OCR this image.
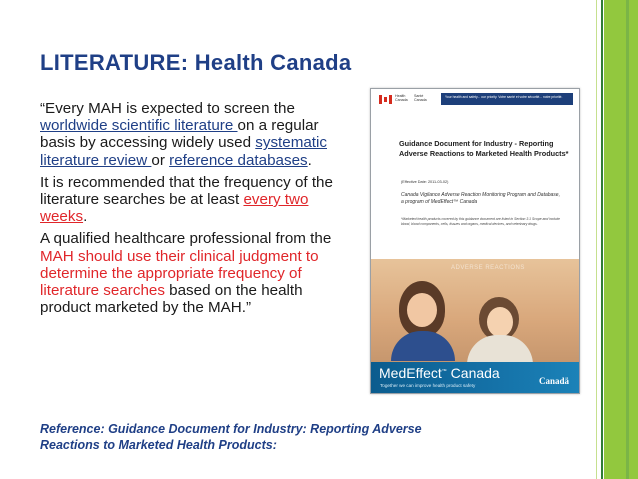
LITERATURE: Health Canada

“Every MAH is expected to screen the worldwide scientific literature on a regular basis by accessing widely used systematic literature review or reference databases.

It is recommended that the frequency of the literature searches be at least every two weeks.

A qualified healthcare professional from the MAH should use their clinical judgment to determine the appropriate frequency of literature searches based on the health product marketed by the MAH.”

Reference: Guidance Document for Industry: Reporting Adverse Reactions to Marketed Health Products:
Health
Canada
Santé
Canada
Your health and safety... our priority. Votre santé et votre sécurité... notre priorité.
Guidance Document for Industry - Reporting Adverse Reactions to Marketed Health Products*
(Effective Date: 2011-03-02)
Canada Vigilance Adverse Reaction Monitoring Program and Database, a program of MedEffect™ Canada
*Marketed health products covered by this guidance document are listed in Section 3.1 Scope and include blood, blood components, cells, tissues and organs, medical devices, and veterinary drugs.
ADVERSE REACTIONS
MedEffect™ Canada
Together we can improve health product safety	Canadä
